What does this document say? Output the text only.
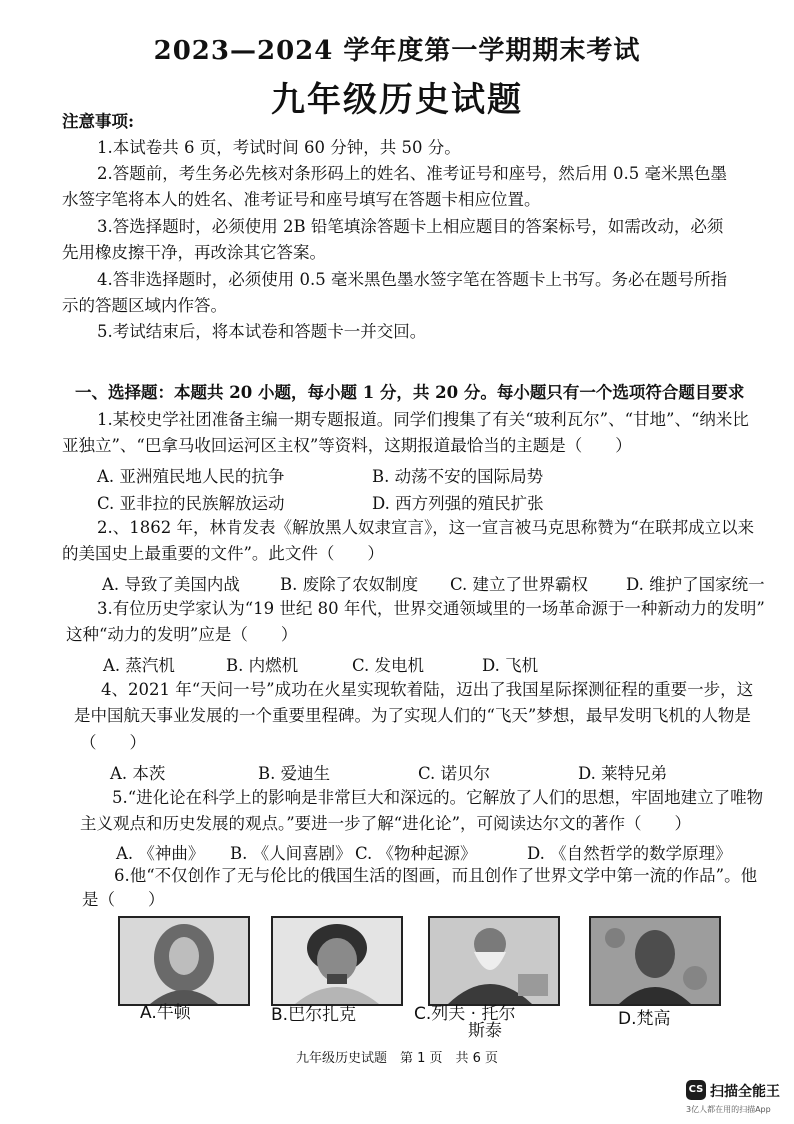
2023—2024 学年度第一学期期末考试
九年级历史试题
注意事项:
1.本试卷共 6 页，考试时间 60 分钟，共 50 分。
2.答题前，考生务必先核对条形码上的姓名、准考证号和座号，然后用 0.5 毫米黑色墨
水签字笔将本人的姓名、准考证号和座号填写在答题卡相应位置。
3.答选择题时，必须使用 2B 铅笔填涂答题卡上相应题目的答案标号，如需改动，必须
先用橡皮擦干净，再改涂其它答案。
4.答非选择题时，必须使用 0.5 毫米黑色墨水签字笔在答题卡上书写。务必在题号所指
示的答题区域内作答。
5.考试结束后，将本试卷和答题卡一并交回。
一、选择题：本题共 20 小题，每小题 1 分，共 20 分。每小题只有一个选项符合题目要求
1.某校史学社团准备主编一期专题报道。同学们搜集了有关“玻利瓦尔”、“甘地”、“纳米比
亚独立”、“巴拿马收回运河区主权”等资料，这期报道最恰当的主题是（　　）
A. 亚洲殖民地人民的抗争	B. 动荡不安的国际局势
C. 亚非拉的民族解放运动	D. 西方列强的殖民扩张
2.、1862 年，林肯发表《解放黑人奴隶宣言》，这一宣言被马克思称赞为“在联邦成立以来
的美国史上最重要的文件”。此文件（　　）
A. 导致了美国内战 B. 废除了农奴制度 C. 建立了世界霸权 D. 维护了国家统一
3.有位历史学家认为“19 世纪 80 年代，世界交通领域里的一场革命源于一种新动力的发明”
这种“动力的发明”应是（　　）
A. 蒸汽机	B. 内燃机	C. 发电机	D. 飞机
4、2021 年“天问一号”成功在火星实现软着陆，迈出了我国星际探测征程的重要一步，这
是中国航天事业发展的一个重要里程碑。为了实现人们的“飞天”梦想，最早发明飞机的人物是
（　　）
A. 本茨	B. 爱迪生	C. 诺贝尔	D. 莱特兄弟
5.“进化论在科学上的影响是非常巨大和深远的。它解放了人们的思想，牢固地建立了唯物
主义观点和历史发展的观点。”要进一步了解“进化论”，可阅读达尔文的著作（　　）
A. 《神曲》 B. 《人间喜剧》 C. 《物种起源》	D. 《自然哲学的数学原理》
6.他“不仅创作了无与伦比的俄国生活的图画，而且创作了世界文学中第一流的作品”。他
是（　　）
A.牛顿	B.巴尔扎克	C.列夫 · 托尔
斯泰
D.梵高
九年级历史试题　第 1 页　共 6 页
CS 扫描全能王
3亿人都在用的扫描App
